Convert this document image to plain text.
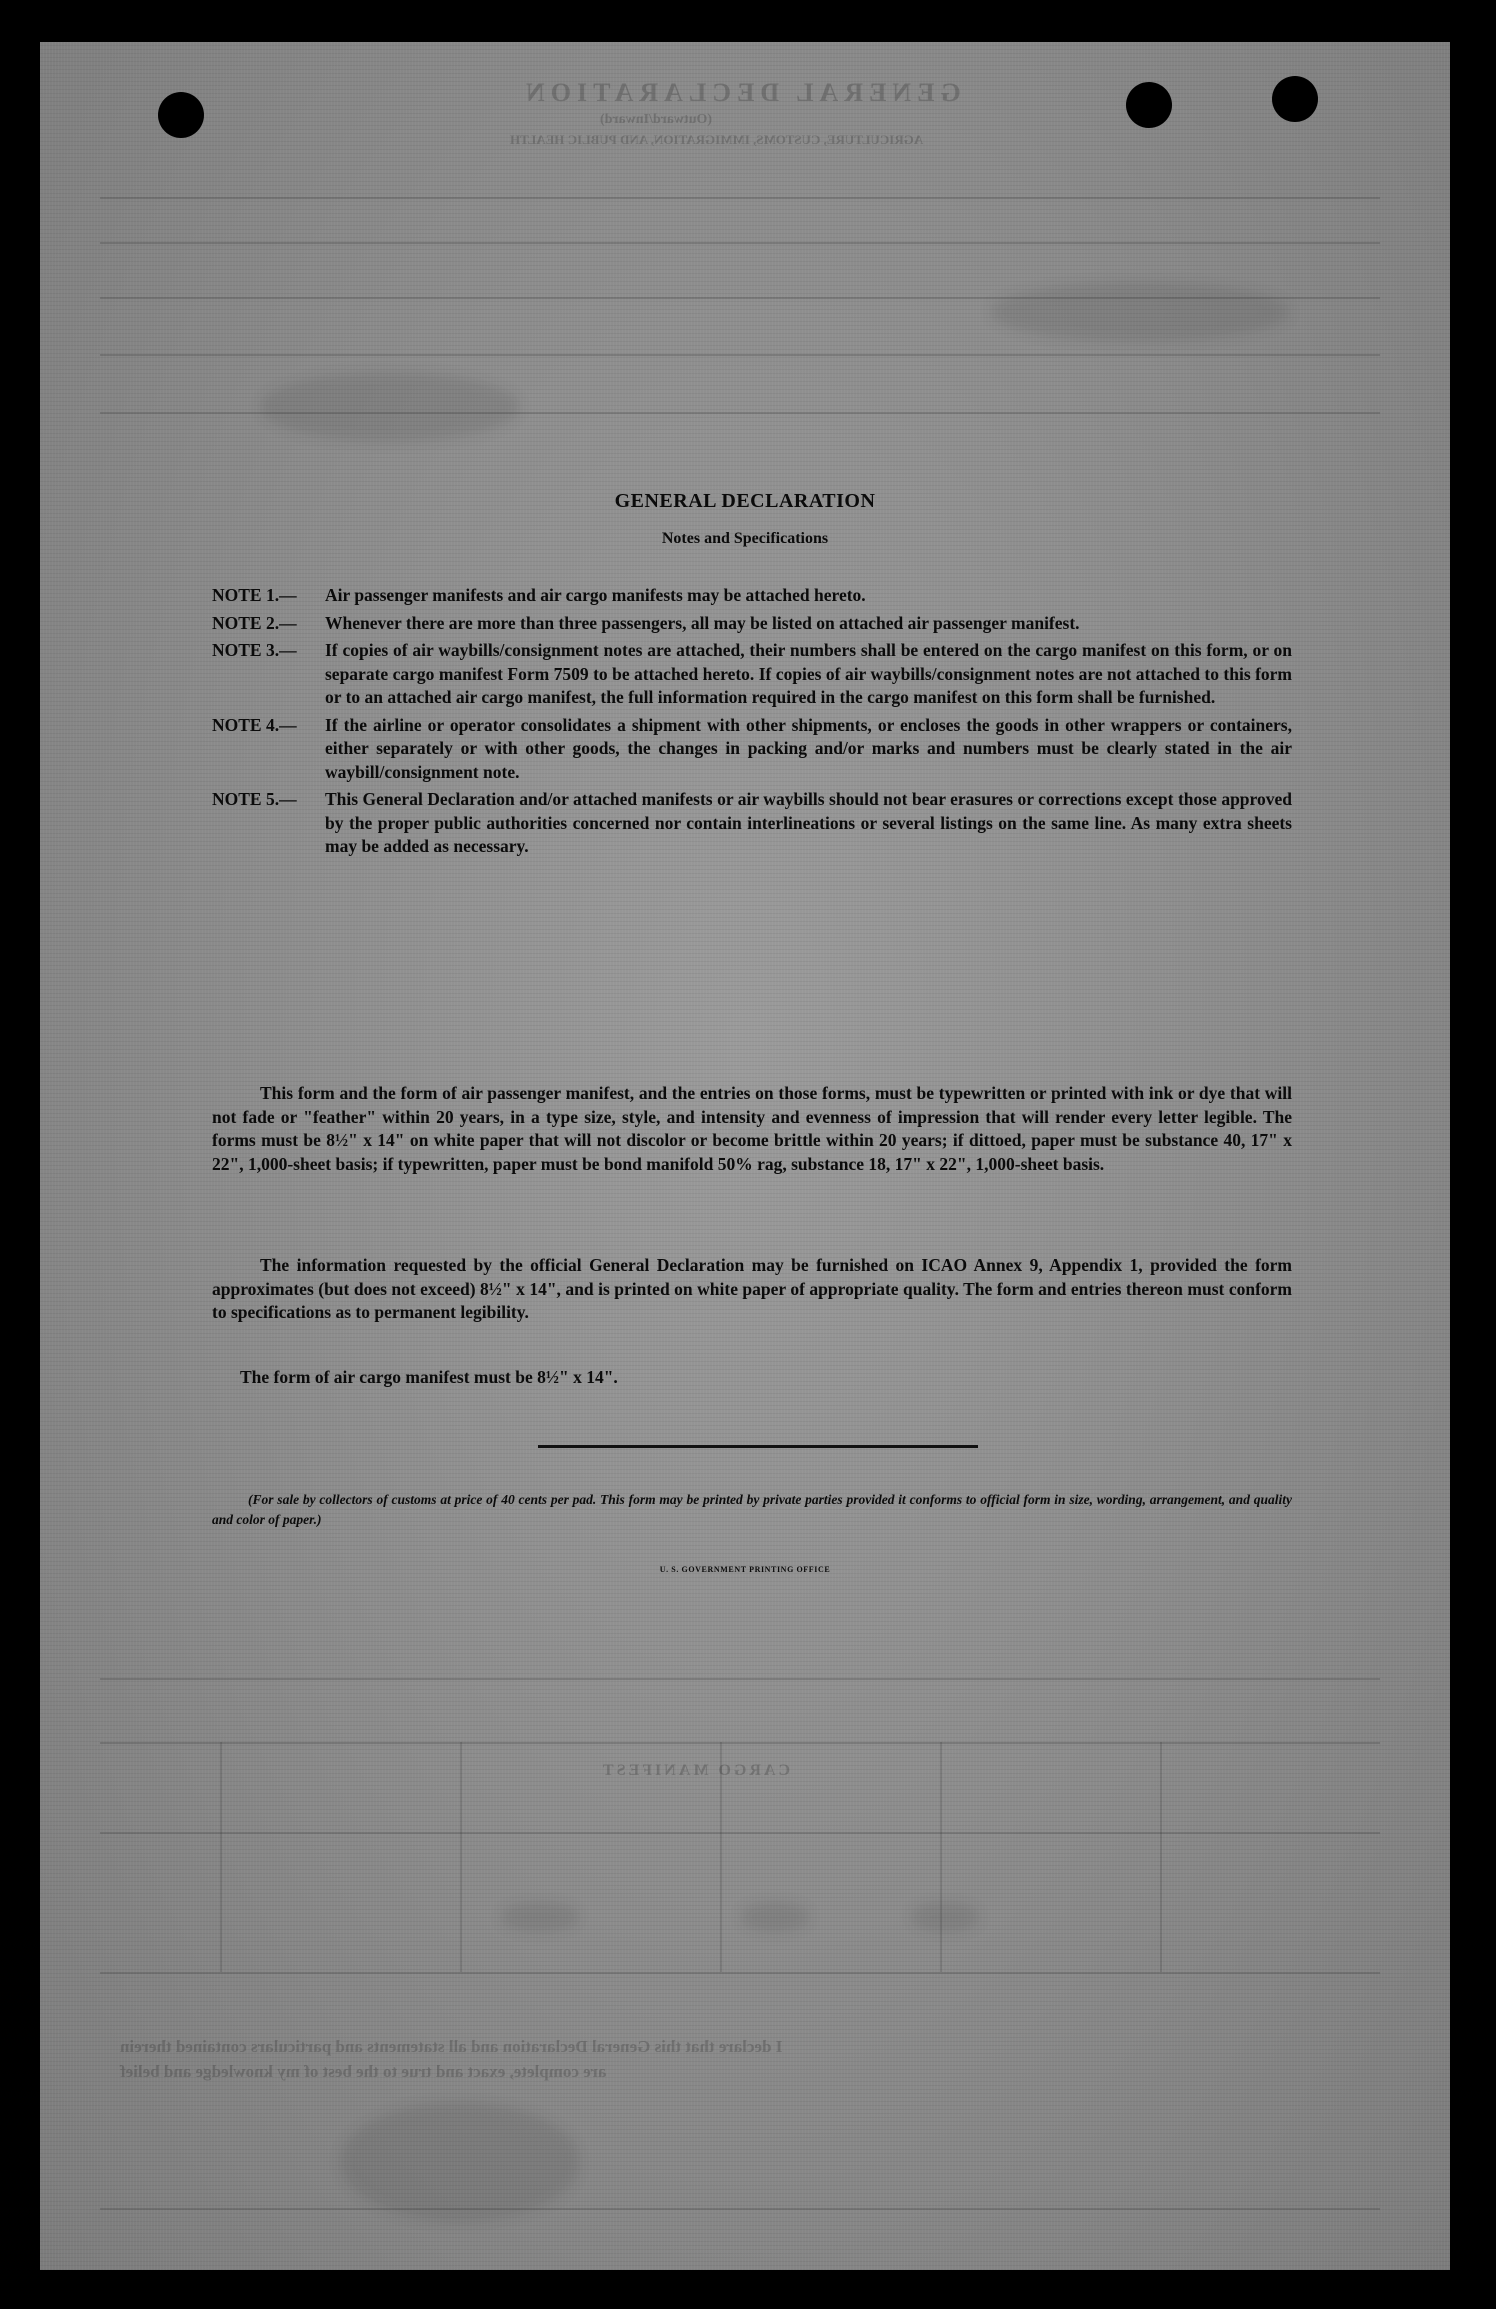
GENERAL DECLARATION
(Outward/Inward)
AGRICULTURE, CUSTOMS, IMMIGRATION, AND PUBLIC HEALTH
CARGO MANIFEST
I declare that this General Declaration and all statements and particulars contained therein
are complete, exact and true to the best of my knowledge and belief
GENERAL DECLARATION
Notes and Specifications
NOTE 1.—	Air passenger manifests and air cargo manifests may be attached hereto.
NOTE 2.—	Whenever there are more than three passengers, all may be listed on attached air passenger manifest.
NOTE 3.—	If copies of air waybills/consignment notes are attached, their numbers shall be entered on the cargo manifest on this form, or on separate cargo manifest Form 7509 to be attached hereto. If copies of air waybills/consignment notes are not attached to this form or to an attached air cargo manifest, the full information required in the cargo manifest on this form shall be furnished.
NOTE 4.—	If the airline or operator consolidates a shipment with other shipments, or encloses the goods in other wrappers or containers, either separately or with other goods, the changes in packing and/or marks and numbers must be clearly stated in the air waybill/consignment note.
NOTE 5.—	This General Declaration and/or attached manifests or air waybills should not bear erasures or corrections except those approved by the proper public authorities concerned nor contain interlineations or several listings on the same line. As many extra sheets may be added as necessary.
This form and the form of air passenger manifest, and the entries on those forms, must be typewritten or printed with ink or dye that will not fade or "feather" within 20 years, in a type size, style, and intensity and evenness of impression that will render every letter legible. The forms must be 8½" x 14" on white paper that will not discolor or become brittle within 20 years; if dittoed, paper must be substance 40, 17" x 22", 1,000-sheet basis; if typewritten, paper must be bond manifold 50% rag, substance 18, 17" x 22", 1,000-sheet basis.
The information requested by the official General Declaration may be furnished on ICAO Annex 9, Appendix 1, provided the form approximates (but does not exceed) 8½" x 14", and is printed on white paper of appropriate quality. The form and entries thereon must conform to specifications as to permanent legibility.
The form of air cargo manifest must be 8½" x 14".
(For sale by collectors of customs at price of 40 cents per pad. This form may be printed by private parties provided it conforms to official form in size, wording, arrangement, and quality and color of paper.)
U. S. GOVERNMENT PRINTING OFFICE
